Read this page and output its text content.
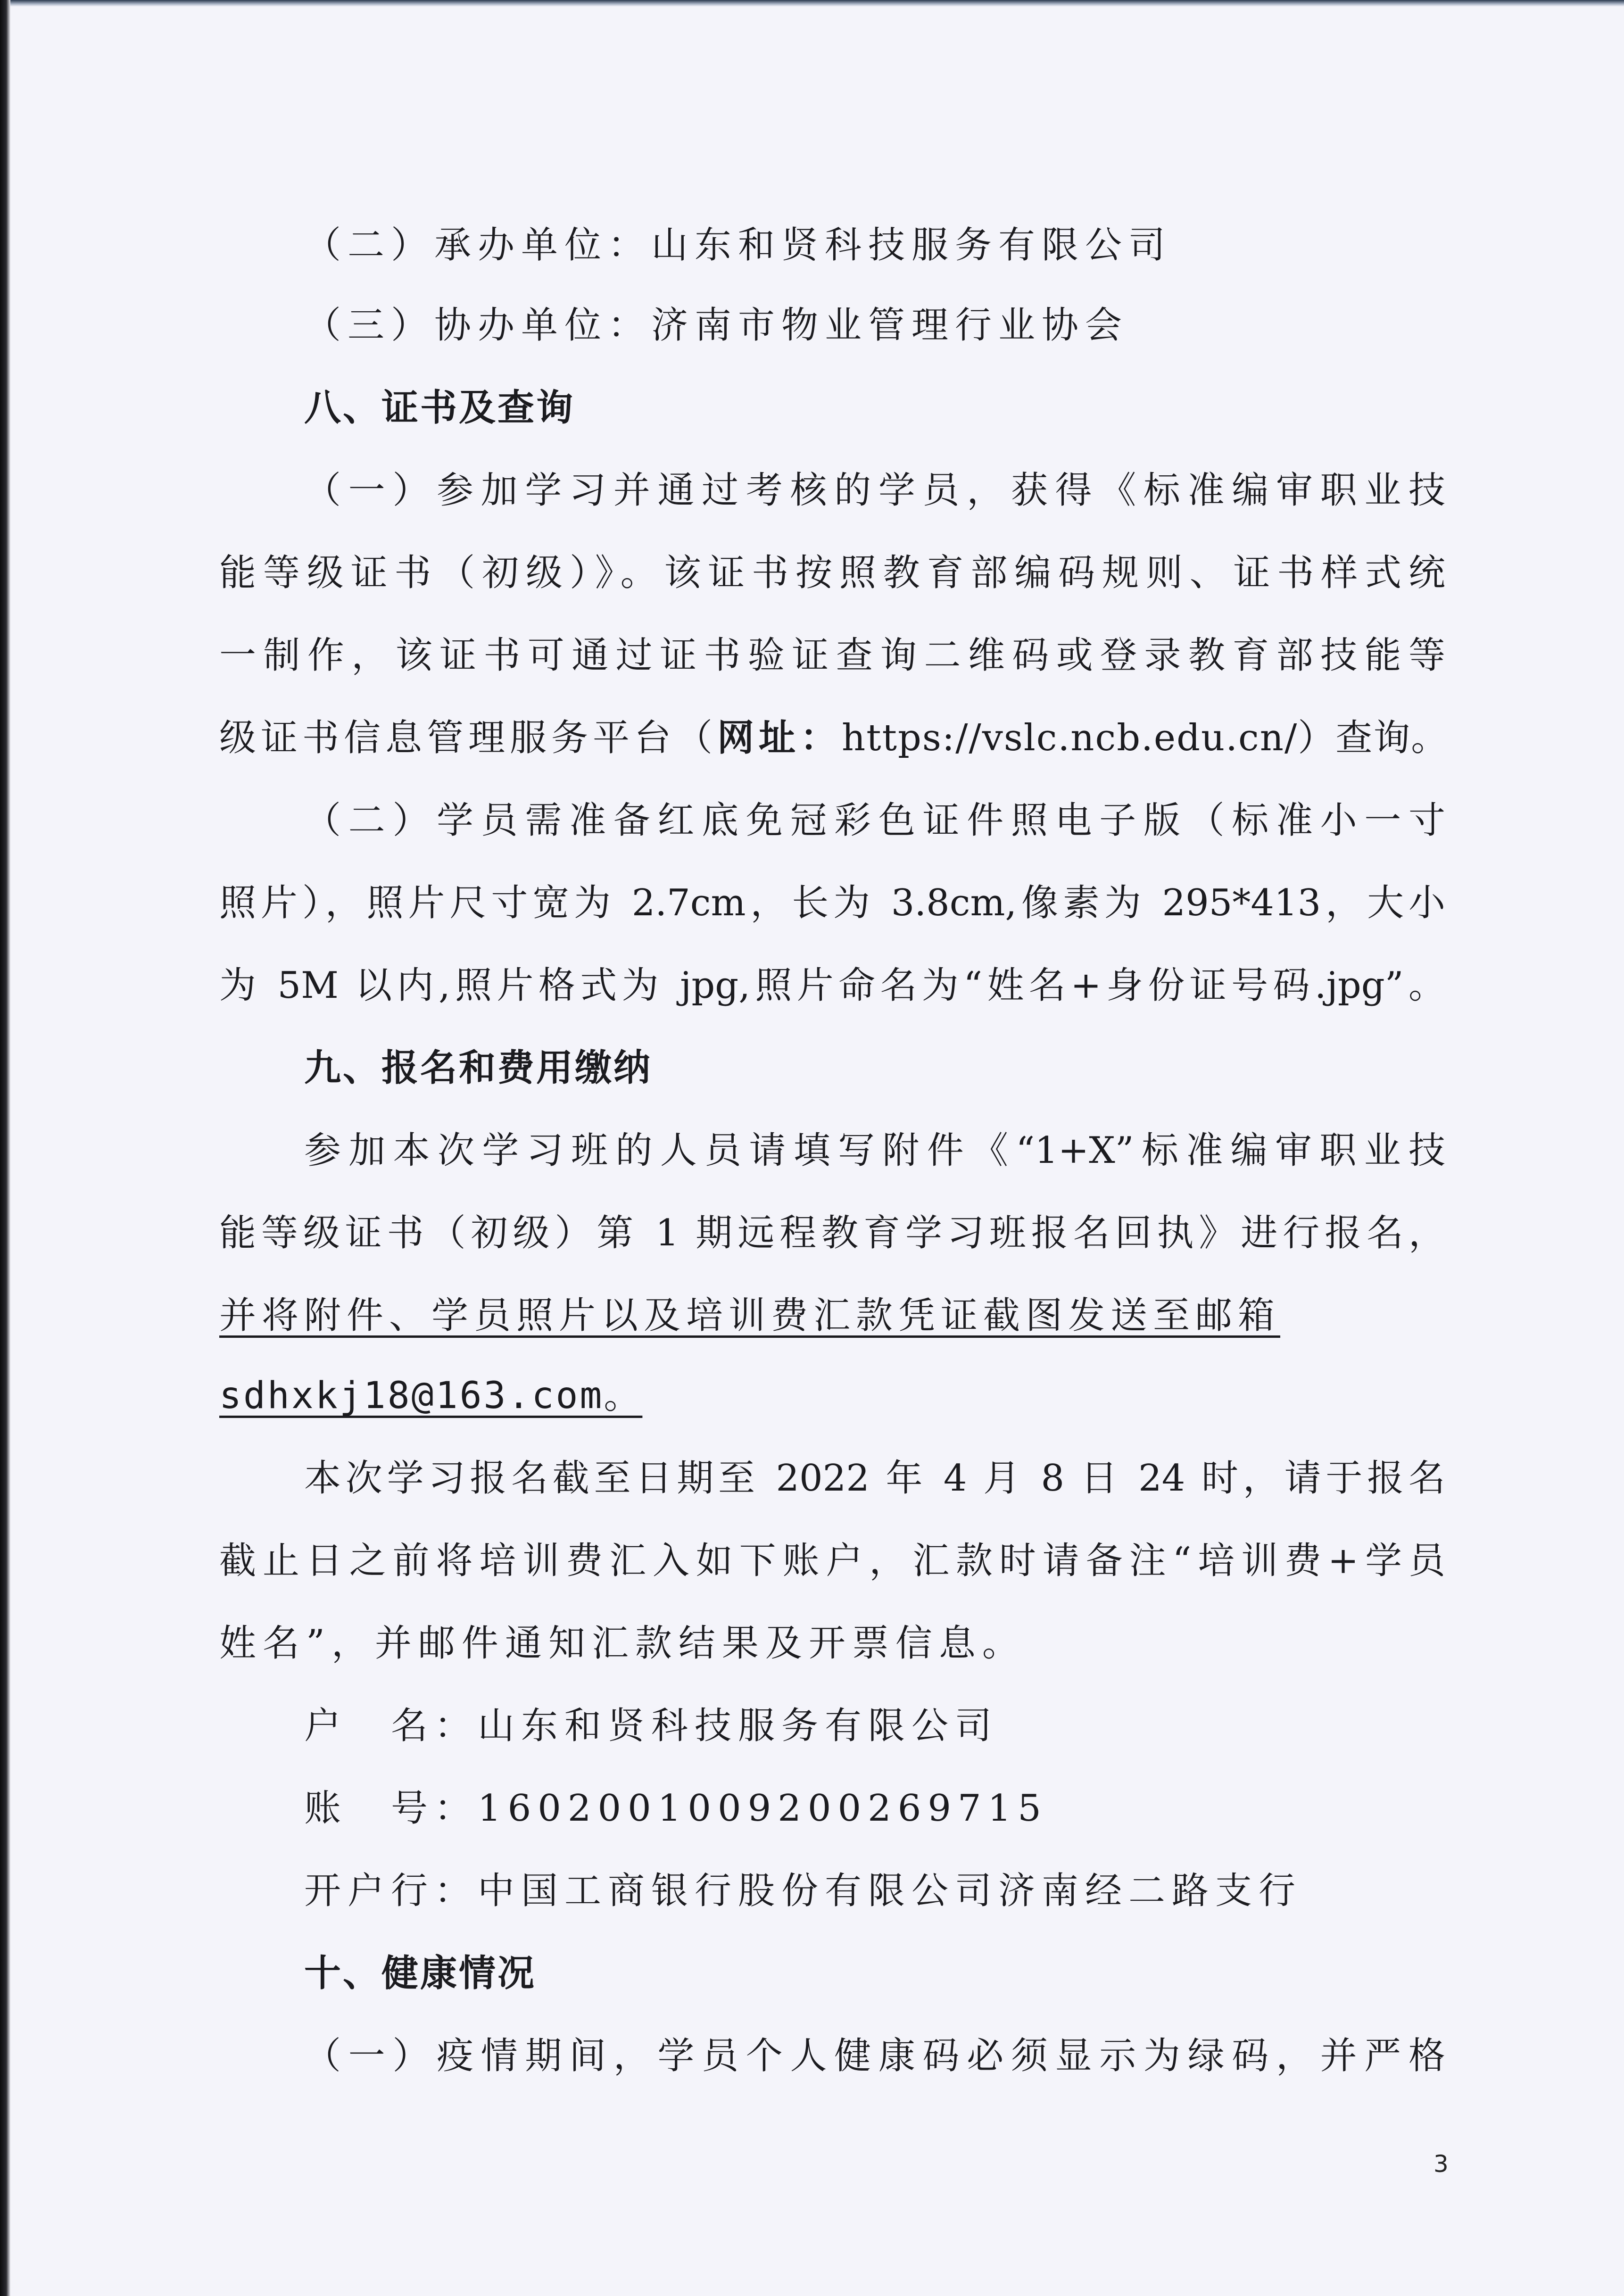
（二）承办单位：山东和贤科技服务有限公司
（三）协办单位：济南市物业管理行业协会
八、证书及查询
（一）参加学习并通过考核的学员，获得《标准编审职业技
能等级证书（初级）》。该证书按照教育部编码规则、证书样式统
一制作，该证书可通过证书验证查询二维码或登录教育部技能等
级证书信息管理服务平台（网址：https://vslc.ncb.edu.cn/）查询。
（二）学员需准备红底免冠彩色证件照电子版（标准小一寸
照片），照片尺寸宽为 2.7cm，长为 3.8cm,像素为 295*413，大小
为 5M 以内,照片格式为 jpg,照片命名为“姓名+身份证号码.jpg”。
九、报名和费用缴纳
参加本次学习班的人员请填写附件《“1+X”标准编审职业技
能等级证书（初级）第 1 期远程教育学习班报名回执》进行报名，
并将附件、学员照片以及培训费汇款凭证截图发送至邮箱
sdhxkj18@163.com。
本次学习报名截至日期至 2022 年 4 月 8 日 24 时，请于报名
截止日之前将培训费汇入如下账户，汇款时请备注“培训费+学员
姓名”，并邮件通知汇款结果及开票信息。
户　名：山东和贤科技服务有限公司
账　号：1602001009200269715
开户行：中国工商银行股份有限公司济南经二路支行
十、健康情况
（一）疫情期间，学员个人健康码必须显示为绿码，并严格
3
